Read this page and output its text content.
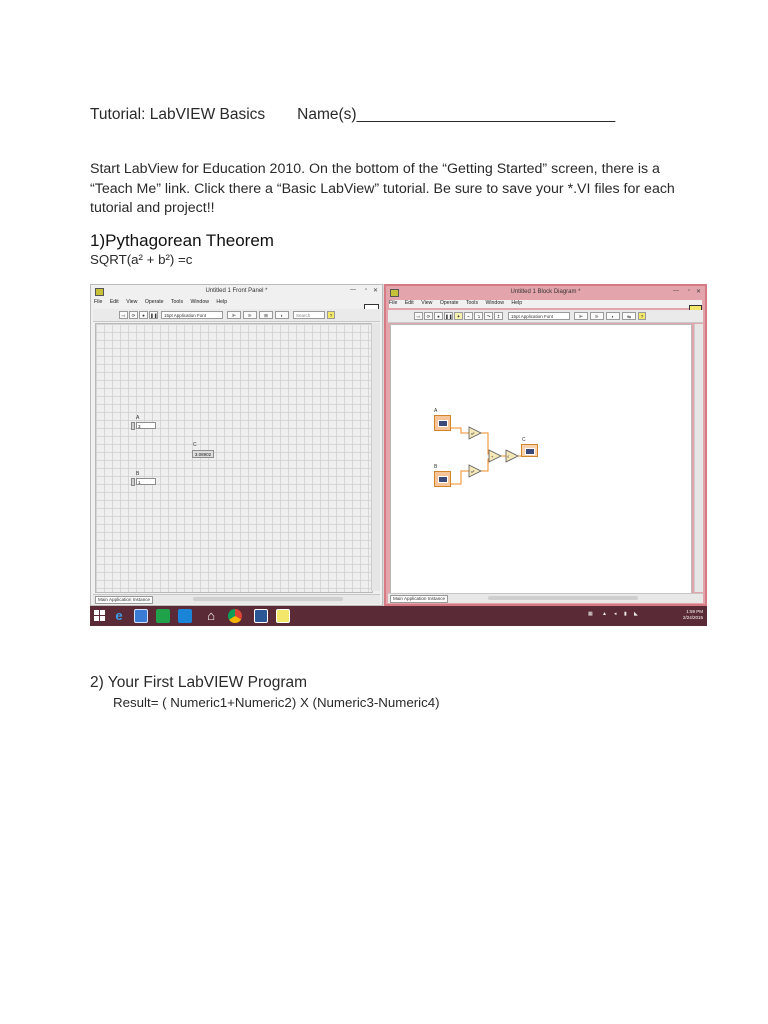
Tutorial: LabVIEW Basics Name(s)______________________________
Start LabView for Education 2010. On the bottom of the “Getting Started” screen, there is a “Teach Me” link. Click there a “Basic LabView” tutorial. Be sure to save your *.VI files for each tutorial and project!!
1)Pythagorean Theorem
SQRT(a² + b²) =c
Untitled 1 Front Panel *	— ▫ ✕
File Edit View Operate Tools Window Help
⇨	⟳	●	❚❚	15pt Application Font	⊫	⊪	⊞	◐	Search	?
A
3
C
3.08902
B
1
Main Application Instance
Untitled 1 Block Diagram *	— ▫ ✕
File Edit View Operate Tools Window Help
⇨	⟳	●	❚❚ ✦	⌁	↴	↷	↥	15pt Application Font	⊫	⊪	◐	⇆	?
x²
x²
+	√
A
B
C
Main Application Instance
e	⌂	▦ ▲ ◂ ▮ ◣	1:59 PM
2/24/2015
2) Your First LabVIEW Program
Result= ( Numeric1+Numeric2) X (Numeric3-Numeric4)
